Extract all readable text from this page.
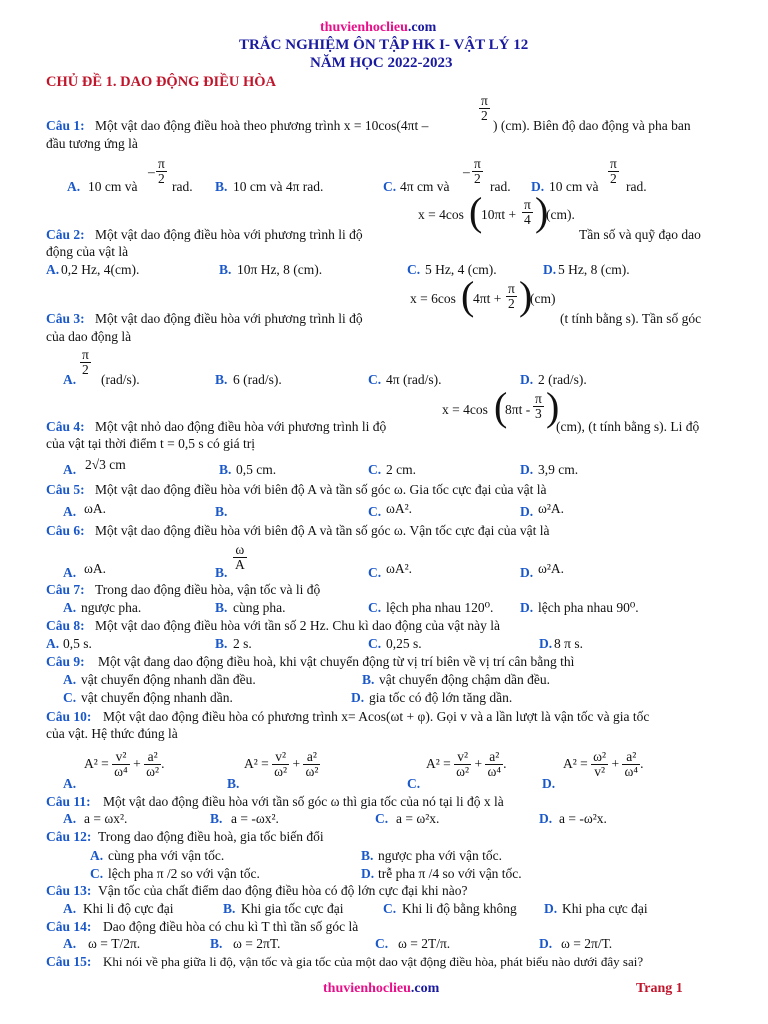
thuvienhoclieu.com
TRẮC NGHIỆM ÔN TẬP HK I- VẬT LÝ 12
NĂM HỌC 2022-2023
CHỦ ĐỀ 1. DAO ĐỘNG ĐIỀU HÒA
Câu 1: Một vật dao động điều hoà theo phương trình x = 10cos(4πt –
$\frac{\pi}{2}$
) (cm). Biên độ dao động và pha ban
đầu tương ứng là
A. 10 cm và
– $\frac{\pi}{2}$
rad. B. 10 cm và 4π rad.	C. 4π cm và
– $\frac{\pi}{2}$
rad. D. 10 cm và
$\frac{\pi}{2}$
rad.
x = 4cos (
$10\pi t + \frac{\pi}{4}$ )
(cm).
Câu 2: Một vật dao động điều hòa với phương trình li độ	Tần số và quỹ đạo dao
động của vật là
A. 0,2 Hz, 4(cm).	B. 10π Hz, 8 (cm).	C. 5 Hz, 4 (cm).	D. 5 Hz, 8 (cm).
x = 6cos (
$4\pi t + \frac{\pi}{2}$ )
(cm)
Câu 3: Một vật dao động điều hòa với phương trình li độ	(t tính bằng s). Tần số góc
của dao động là
A.
$\frac{\pi}{2}$
(rad/s).	B. 6 (rad/s).	C. 4π (rad/s).	D. 2 (rad/s).
x = 4cos (
$8\pi t - \frac{\pi}{3}$ )
Câu 4: Một vật nhỏ dao động điều hòa với phương trình li độ	(cm), (t tính bằng s). Li độ
của vật tại thời điểm t = 0,5 s có giá trị
A. 2√3 cm	B. 0,5 cm.	C. 2 cm.	D. 3,9 cm.
Câu 5: Một vật dao động điều hòa với biên độ A và tần số góc ω. Gia tốc cực đại của vật là
A. ωA.	B.	C. ωA².	D. ω²A.
Câu 6: Một vật dao động điều hòa với biên độ A và tần số góc ω. Vận tốc cực đại của vật là
A. ωA.	B.
$\frac{\omega}{A}$
C. ωA².	D. ω²A.
Câu 7: Trong dao động điều hòa, vận tốc và li độ
A. ngược pha.	B. cùng pha.	C. lệch pha nhau 120⁰. D. lệch pha nhau 90⁰.
Câu 8: Một vật dao động điều hòa với tần số 2 Hz. Chu kì dao động của vật này là
A. 0,5 s.	B. 2 s.	C. 0,25 s.	D. 8 π s.
Câu 9: Một vật đang dao động điều hoà, khi vật chuyển động từ vị trí biên về vị trí cân bằng thì
A. vật chuyển động nhanh dần đều.	B. vật chuyển động chậm dần đều.
C. vật chuyển động nhanh dần.	D. gia tốc có độ lớn tăng dần.
Câu 10: Một vật dao động điều hòa có phương trình x= Acos(ωt + φ). Gọi v và a lần lượt là vận tốc và gia tốc
của vật. Hệ thức đúng là
A.
$A^2 = \frac{\text{v²}}{\text{ω⁴}} + \frac{\text{a²}}{\text{ω²}}$ .
B.
$A^2 = \frac{\text{v²}}{\text{ω²}} + \frac{\text{a²}}{\text{ω²}}$
C.
$A^2 = \frac{\text{v²}}{\text{ω²}} + \frac{\text{a²}}{\text{ω⁴}}$ .
D.
$A^2 = \frac{\text{ω²}}{\text{v²}} + \frac{\text{a²}}{\text{ω⁴}}$ .
Câu 11: Một vật dao động điều hòa với tần số góc ω thì gia tốc của nó tại li độ x là
A. a = ωx².	B. a = -ωx².	C. a = ω²x.	D. a = -ω²x.
Câu 12: Trong dao động điều hoà, gia tốc biến đổi
A. cùng pha với vận tốc.	B. ngược pha với vận tốc.
C. lệch pha π /2 so với vận tốc.	D. trễ pha π /4 so với vận tốc.
Câu 13: Vận tốc của chất điểm dao động điều hòa có độ lớn cực đại khi nào?
A. Khi li độ cực đại	B. Khi gia tốc cực đại	C. Khi li độ bằng không D. Khi pha cực đại
Câu 14: Dao động điều hòa có chu kì T thì tần số góc là
A. ω = T/2π.	B. ω = 2πT.	C. ω = 2T/π.	D. ω = 2π/T.
Câu 15: Khi nói về pha giữa li độ, vận tốc và gia tốc của một dao vật động điều hòa, phát biểu nào dưới đây sai?
thuvienhoclieu.com	Trang 1
